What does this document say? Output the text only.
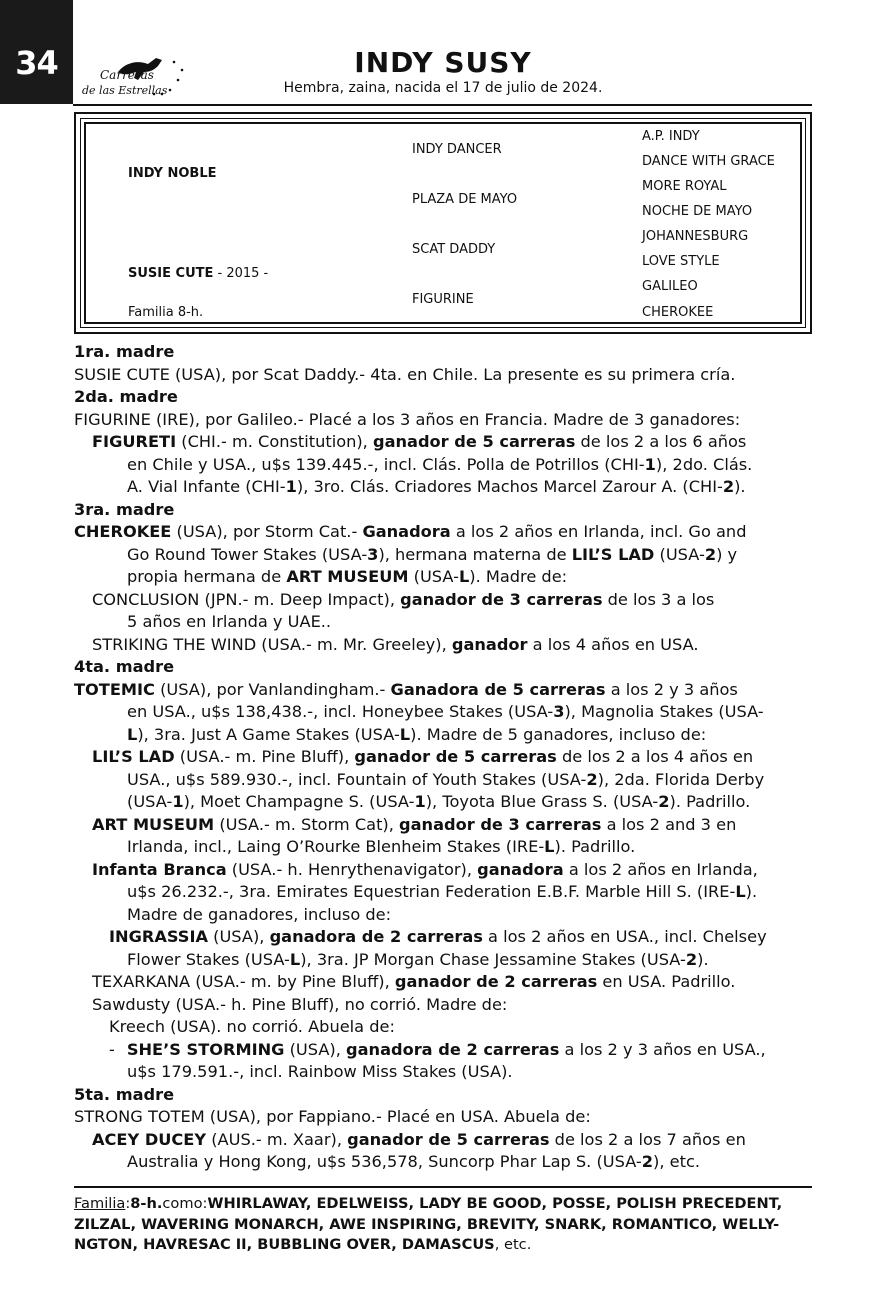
34	Carreras
de las Estrellas
INDY SUSY
Hembra, zaina, nacida el 17 de julio de 2024.
INDY NOBLE
SUSIE CUTE - 2015 -
Familia 8-h.
INDY DANCER
PLAZA DE MAYO
SCAT DADDY
FIGURINE
A.P. INDY
DANCE WITH GRACE
MORE ROYAL
NOCHE DE MAYO
JOHANNESBURG
LOVE STYLE
GALILEO
CHEROKEE
1ra. madre
SUSIE CUTE (USA), por Scat Daddy.- 4ta. en Chile. La presente es su primera cría.
2da. madre
FIGURINE (IRE), por Galileo.- Placé a los 3 años en Francia. Madre de 3 ganadores:
FIGURETI (CHI.- m. Constitution), ganador de 5 carreras de los 2 a los 6 años
en Chile y USA., u$s 139.445.-, incl. Clás. Polla de Potrillos (CHI-1), 2do. Clás.
A. Vial Infante (CHI-1), 3ro. Clás. Criadores Machos Marcel Zarour A. (CHI-2).
3ra. madre
CHEROKEE (USA), por Storm Cat.- Ganadora a los 2 años en Irlanda, incl. Go and
Go Round Tower Stakes (USA-3), hermana materna de LIL’S LAD (USA-2) y
propia hermana de ART MUSEUM (USA-L). Madre de:
CONCLUSION (JPN.- m. Deep Impact), ganador de 3 carreras de los 3 a los
5 años en Irlanda y UAE..
STRIKING THE WIND (USA.- m. Mr. Greeley), ganador a los 4 años en USA.
4ta. madre
TOTEMIC (USA), por Vanlandingham.- Ganadora de 5 carreras a los 2 y 3 años
en USA., u$s 138,438.-, incl. Honeybee Stakes (USA-3), Magnolia Stakes (USA-
L), 3ra. Just A Game Stakes (USA-L). Madre de 5 ganadores, incluso de:
LIL’S LAD (USA.- m. Pine Bluff), ganador de 5 carreras de los 2 a los 4 años en
USA., u$s 589.930.-, incl. Fountain of Youth Stakes (USA-2), 2da. Florida Derby
(USA-1), Moet Champagne S. (USA-1), Toyota Blue Grass S. (USA-2). Padrillo.
ART MUSEUM (USA.- m. Storm Cat), ganador de 3 carreras a los 2 and 3 en
Irlanda, incl., Laing O’Rourke Blenheim Stakes (IRE-L). Padrillo.
Infanta Branca (USA.- h. Henrythenavigator), ganadora a los 2 años en Irlanda,
u$s 26.232.-, 3ra. Emirates Equestrian Federation E.B.F. Marble Hill S. (IRE-L).
Madre de ganadores, incluso de:
INGRASSIA (USA), ganadora de 2 carreras a los 2 años en USA., incl. Chelsey
Flower Stakes (USA-L), 3ra. JP Morgan Chase Jessamine Stakes (USA-2).
TEXARKANA (USA.- m. by Pine Bluff), ganador de 2 carreras en USA. Padrillo.
Sawdusty (USA.- h. Pine Bluff), no corrió. Madre de:
Kreech (USA). no corrió. Abuela de:
- SHE’S STORMING (USA), ganadora de 2 carreras a los 2 y 3 años en USA.,
u$s 179.591.-, incl. Rainbow Miss Stakes (USA).
5ta. madre
STRONG TOTEM (USA), por Fappiano.- Placé en USA. Abuela de:
ACEY DUCEY (AUS.- m. Xaar), ganador de 5 carreras de los 2 a los 7 años en
Australia y Hong Kong, u$s 536,578, Suncorp Phar Lap S. (USA-2), etc.
Familia:8-h.como:WHIRLAWAY, EDELWEISS, LADY BE GOOD, POSSE, POLISH PRECEDENT,
ZILZAL, WAVERING MONARCH, AWE INSPIRING, BREVITY, SNARK, ROMANTICO, WELLY-
NGTON, HAVRESAC II, BUBBLING OVER, DAMASCUS, etc.
